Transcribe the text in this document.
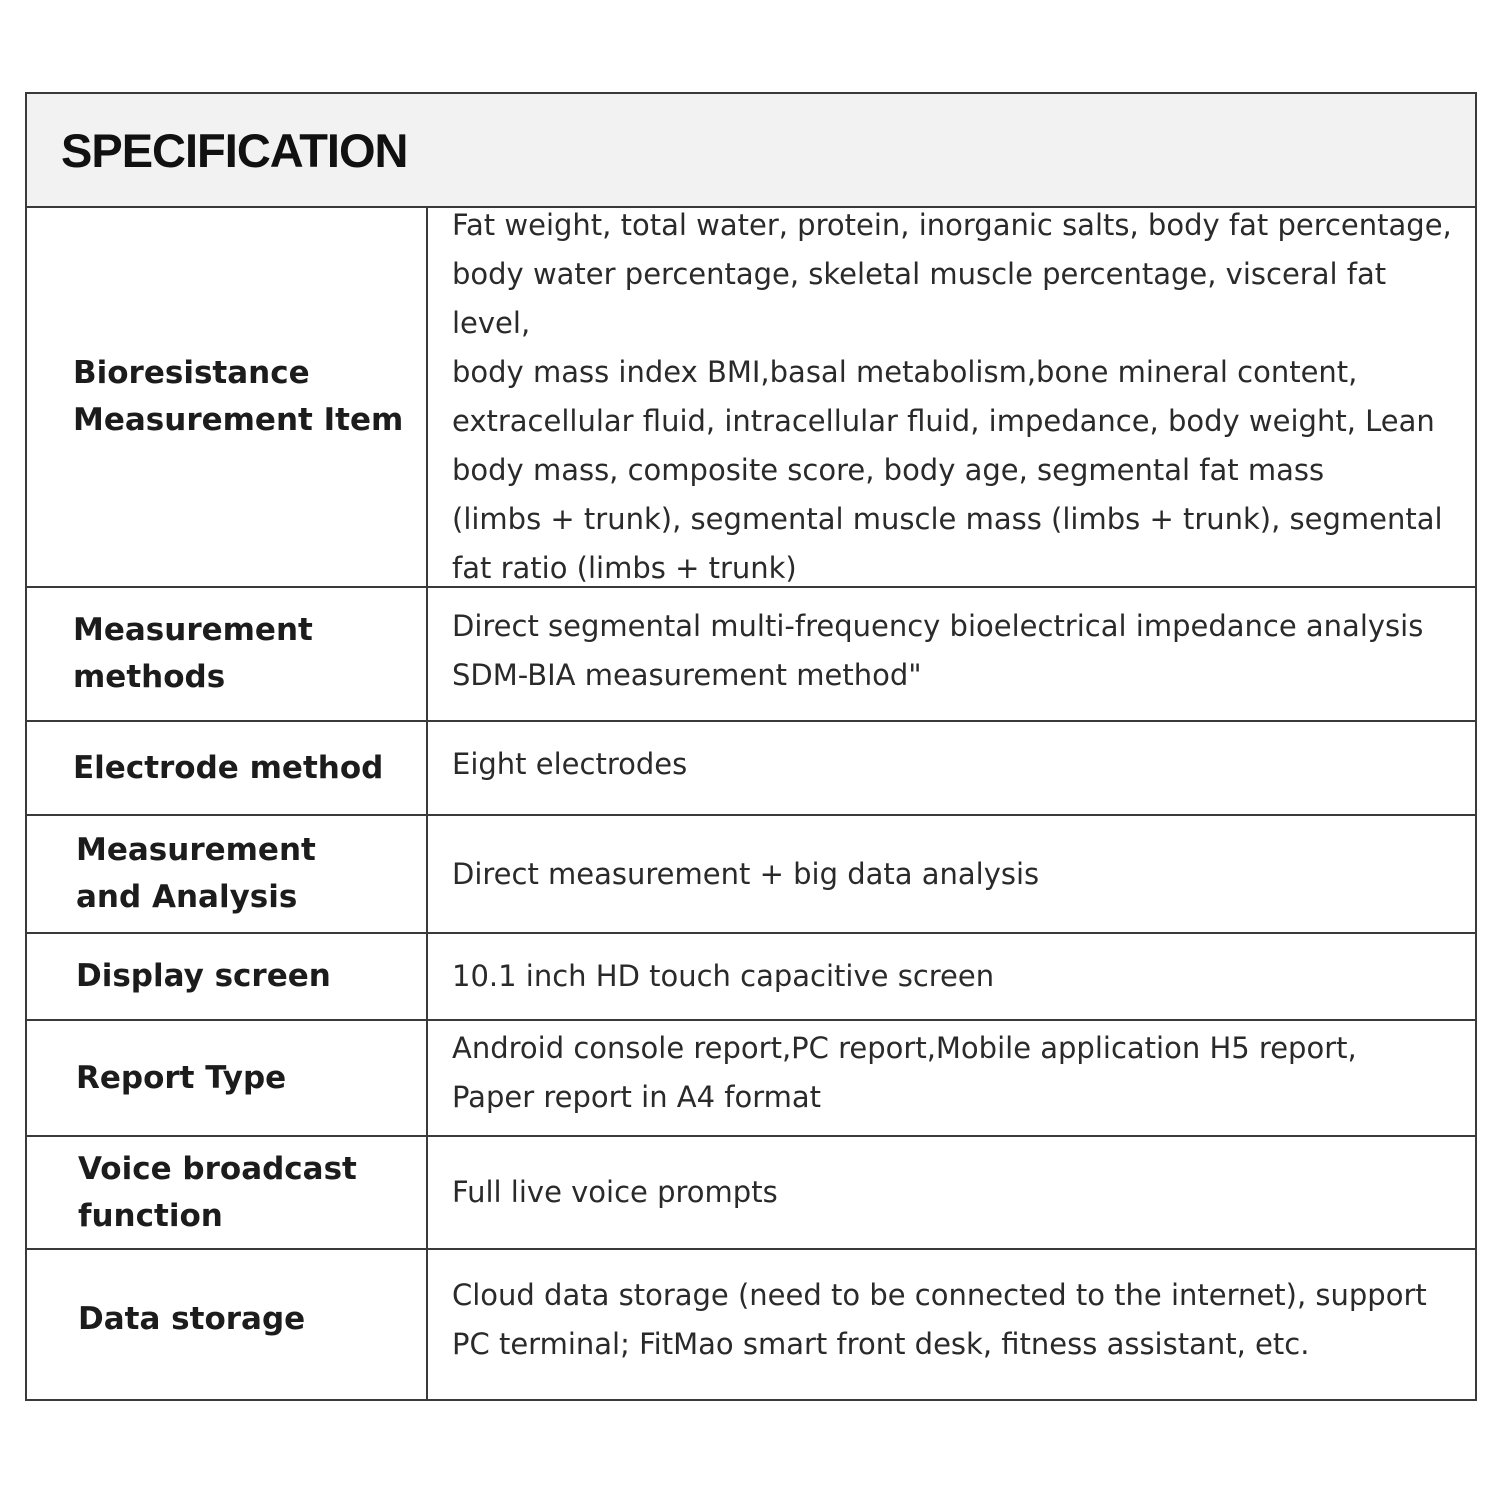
SPECIFICATION
Bioresistance
Measurement Item
Fat weight, total water, protein, inorganic salts, body fat percentage,
body water percentage, skeletal muscle percentage, visceral fat level,
body mass index BMI,basal metabolism,bone mineral content,
extracellular fluid, intracellular fluid, impedance, body weight, Lean
body mass, composite score, body age, segmental fat mass
(limbs + trunk), segmental muscle mass (limbs + trunk), segmental
fat ratio (limbs + trunk)
Measurement
methods
Direct segmental multi-frequency bioelectrical impedance analysis
SDM-BIA measurement method"
Electrode method	Eight electrodes
Measurement
and Analysis
Direct measurement + big data analysis
Display screen	10.1 inch HD touch capacitive screen
Report Type
Android console report,PC report,Mobile application H5 report,
Paper report in A4 format
Voice broadcast
function
Full live voice prompts
Data storage
Cloud data storage (need to be connected to the internet), support
PC terminal; FitMao smart front desk, fitness assistant, etc.
